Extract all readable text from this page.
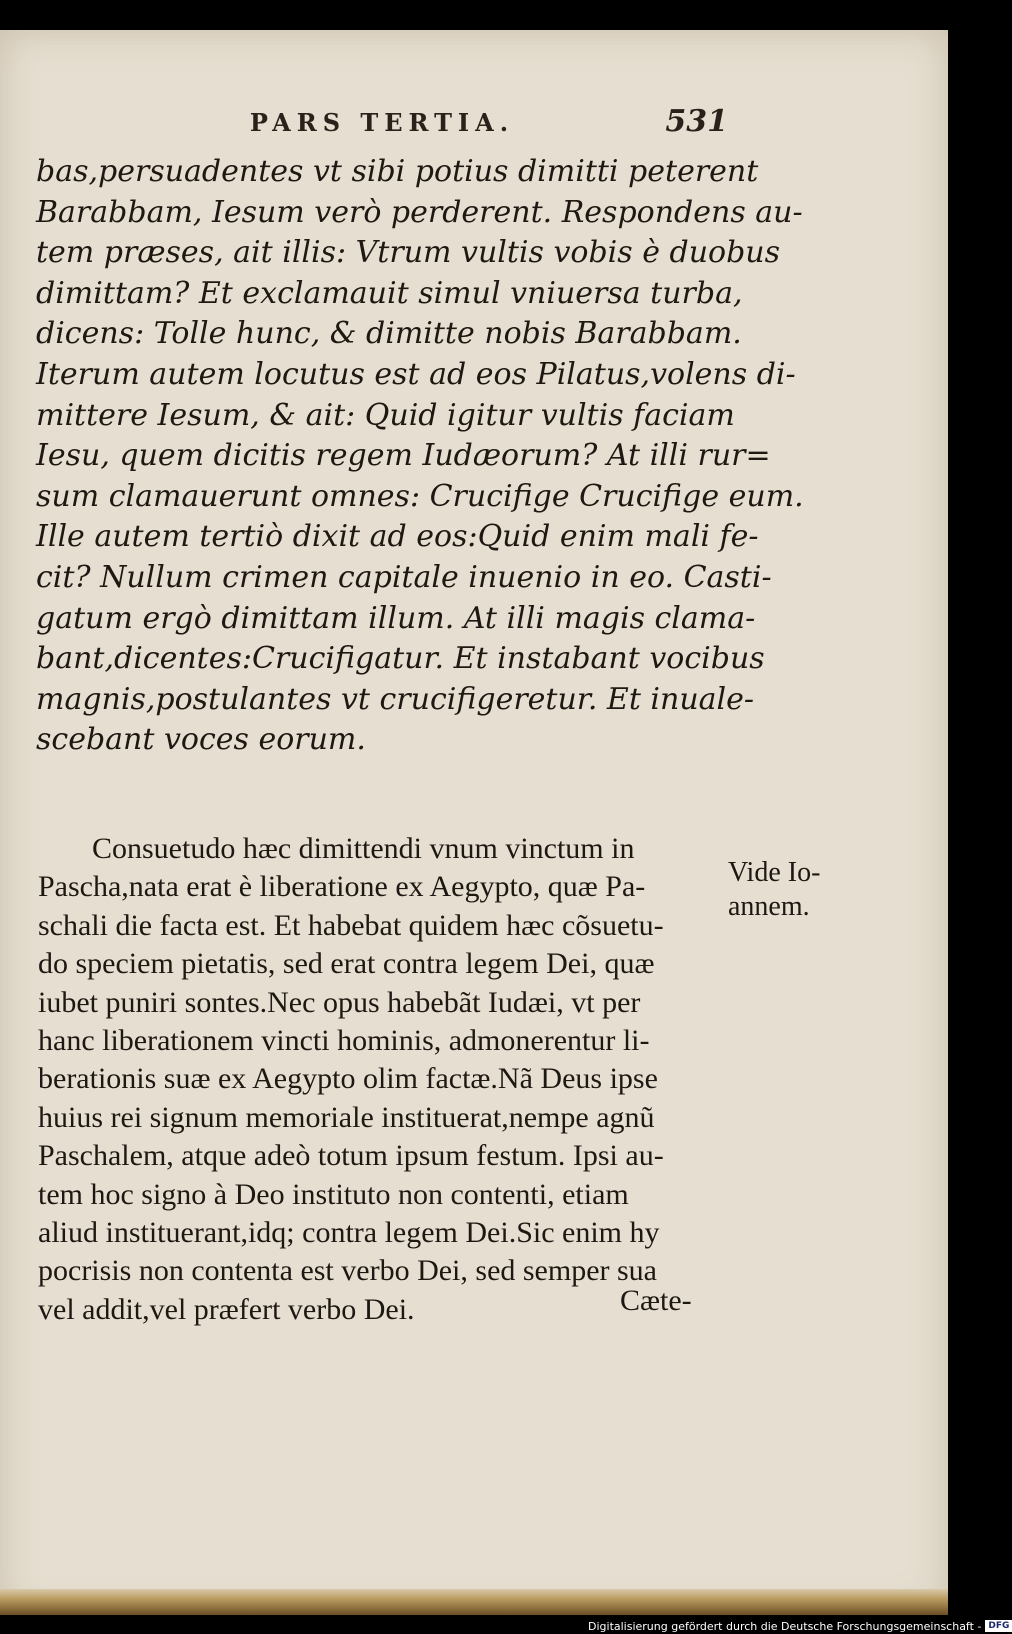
PARS TERTIA.	531
bas,persuadentes vt sibi potius dimitti peterent
Barabbam, Iesum verò perderent. Respondens au-
tem præses, ait illis: Vtrum vultis vobis è duobus
dimittam? Et exclamauit simul vniuersa turba,
dicens: Tolle hunc, & dimitte nobis Barabbam.
Iterum autem locutus est ad eos Pilatus,volens di-
mittere Iesum, & ait: Quid igitur vultis faciam
Iesu, quem dicitis regem Iudæorum? At illi rur=
sum clamauerunt omnes: Crucifige Crucifige eum.
Ille autem tertiò dixit ad eos:Quid enim mali fe-
cit? Nullum crimen capitale inuenio in eo. Casti-
gatum ergò dimittam illum. At illi magis clama-
bant,dicentes:Crucifigatur. Et instabant vocibus
magnis,postulantes vt crucifigeretur. Et inuale-
scebant voces eorum.
Consuetudo hæc dimittendi vnum vinctum in
Pascha,nata erat è liberatione ex Aegypto, quæ Pa-
schali die facta est. Et habebat quidem hæc cõsuetu-
do speciem pietatis, sed erat contra legem Dei, quæ
iubet puniri sontes.Nec opus habebãt Iudæi, vt per
hanc liberationem vincti hominis, admonerentur li-
berationis suæ ex Aegypto olim factæ.Nã Deus ipse
huius rei signum memoriale instituerat,nempe agnũ
Paschalem, atque adeò totum ipsum festum. Ipsi au-
tem hoc signo à Deo instituto non contenti, etiam
aliud instituerant,idq; contra legem Dei.Sic enim hy
pocrisis non contenta est verbo Dei, sed semper sua
vel addit,vel præfert verbo Dei.
Vide Io-
annem.
Cæte-
Digitalisierung gefördert durch die Deutsche Forschungsgemeinschaft - DFG
